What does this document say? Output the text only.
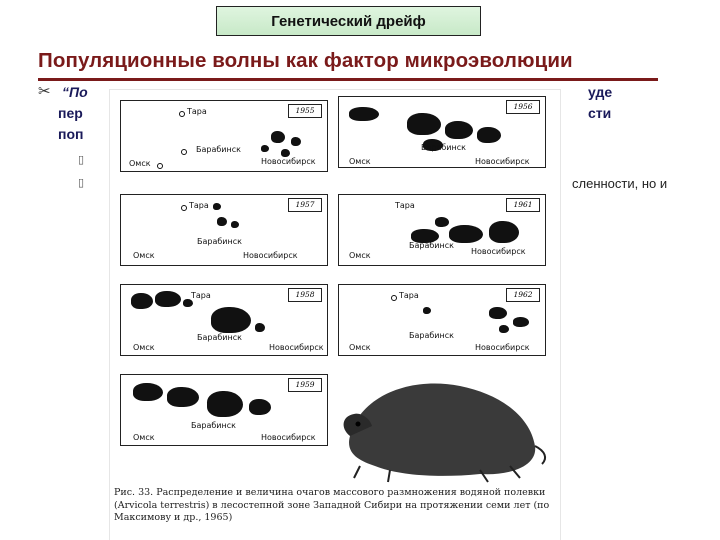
Генетический дрейф
Популяционные волны как фактор микроэволюции
✂ “По	уде
пер	сти
поп
сленности, но и
▯
▯
1955
Тара
Барабинск
Омск	Новосибирск
1956
Тара
Барабинск
Омск	Новосибирск
1957
Тара
Барабинск
Омск	Новосибирск
1961
Тара
Барабинск
Омск	Новосибирск
1958
Тара
Барабинск
Омск	Новосибирск
1962
Тара
Барабинск
Омск	Новосибирск
1959
Тара
Барабинск
Омск	Новосибирск
Рис. 33. Распределение и величина очагов массового размножения водяной полевки (Arvicola terrestris) в лесостепной зоне Западной Сибири на протяжении семи лет (по Максимову и др., 1965)
